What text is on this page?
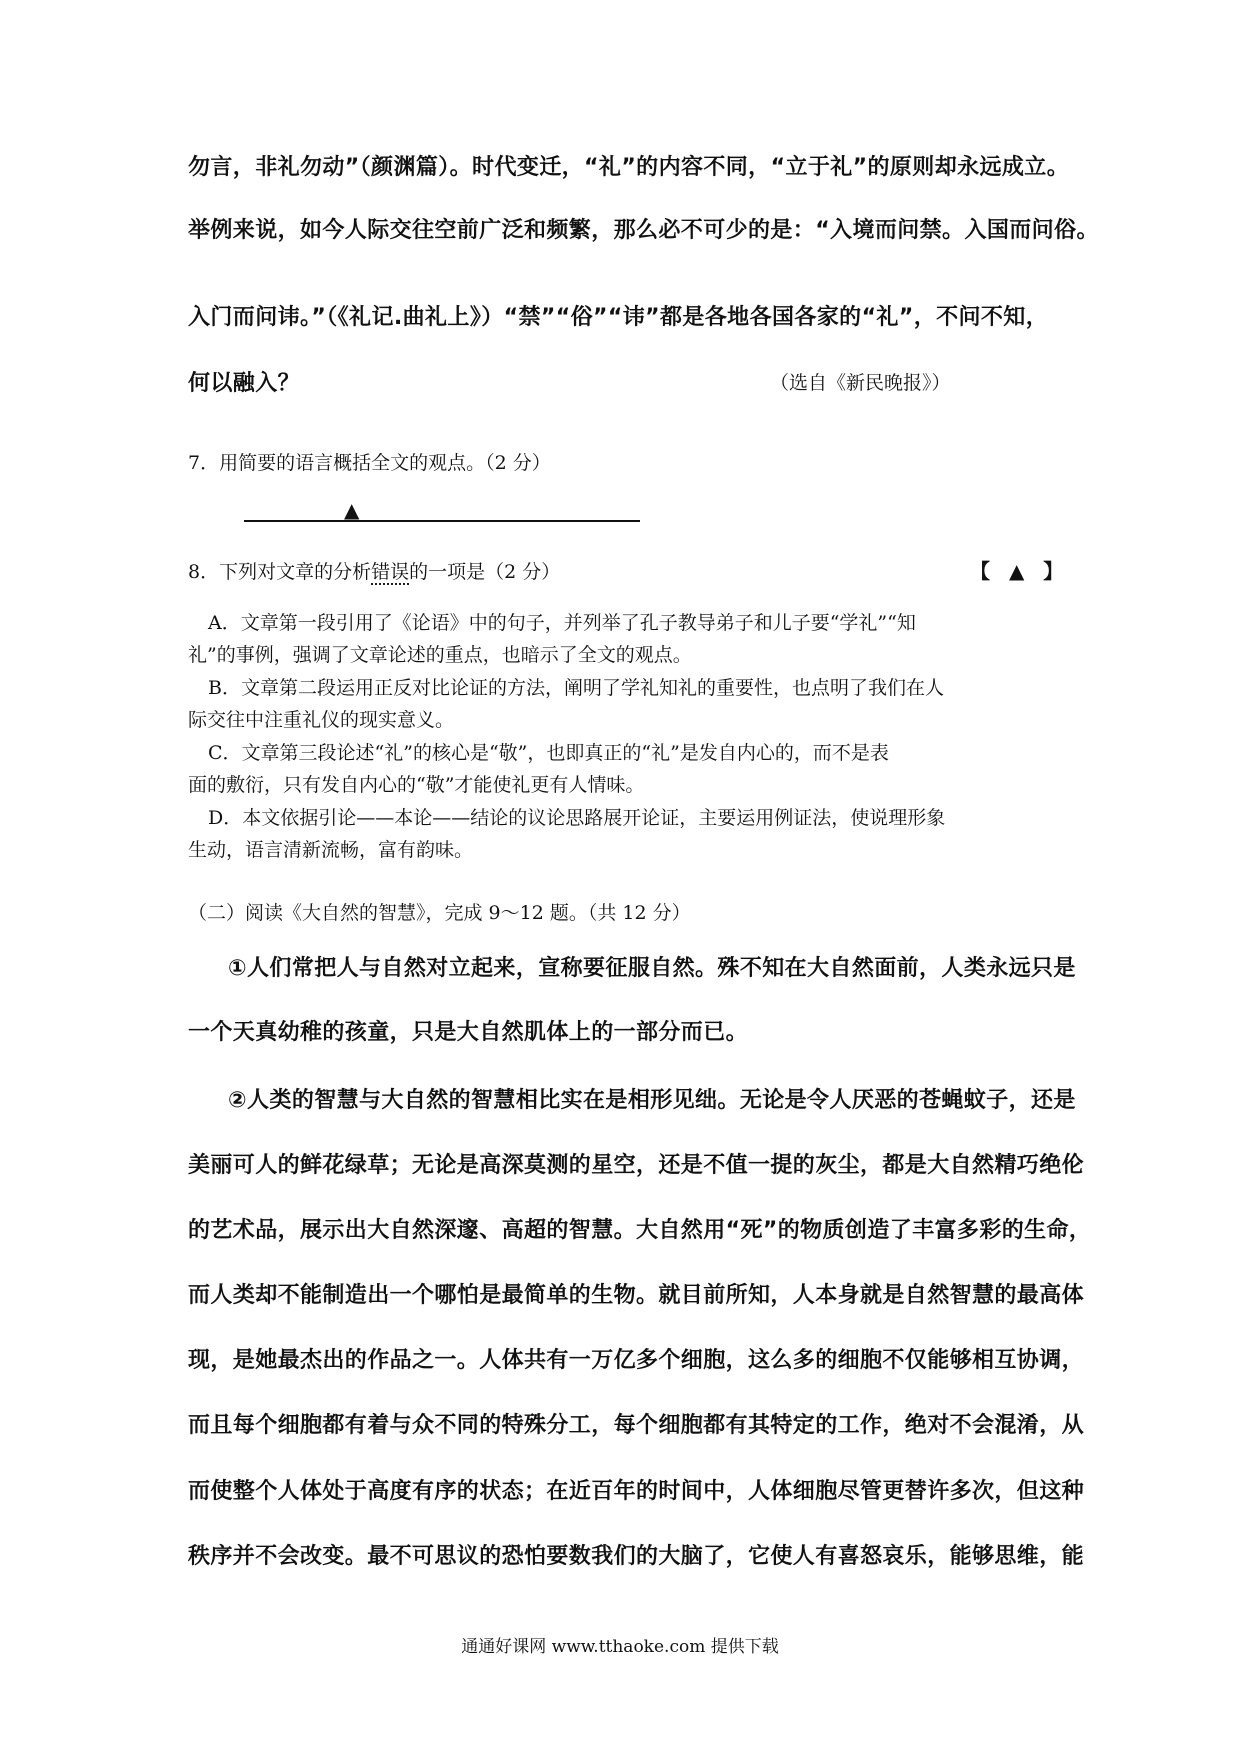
勿言，非礼勿动”（颜渊篇）。时代变迁，“礼”的内容不同，“立于礼”的原则却永远成立。
举例来说，如今人际交往空前广泛和频繁，那么必不可少的是：“入境而问禁。入国而问俗。
入门而问讳。”（《礼记.曲礼上》）“禁”“俗”“讳”都是各地各国各家的“礼”，不问不知，
何以融入？	（选自《新民晚报》）
7．用简要的语言概括全文的观点。（2 分）
▲
8．下列对文章的分析错误的一项是（2 分）	【 ▲ 】
A．文章第一段引用了《论语》中的句子，并列举了孔子教导弟子和儿子要“学礼”“知
礼”的事例，强调了文章论述的重点，也暗示了全文的观点。
B．文章第二段运用正反对比论证的方法，阐明了学礼知礼的重要性，也点明了我们在人
际交往中注重礼仪的现实意义。
C．文章第三段论述“礼”的核心是“敬”，也即真正的“礼”是发自内心的，而不是表
面的敷衍，只有发自内心的“敬”才能使礼更有人情味。
D．本文依据引论——本论——结论的议论思路展开论证，主要运用例证法，使说理形象
生动，语言清新流畅，富有韵味。
（二）阅读《大自然的智慧》，完成 9～12 题。（共 12 分）
①人们常把人与自然对立起来，宣称要征服自然。殊不知在大自然面前，人类永远只是
一个天真幼稚的孩童，只是大自然肌体上的一部分而已。
②人类的智慧与大自然的智慧相比实在是相形见绌。无论是令人厌恶的苍蝇蚊子，还是
美丽可人的鲜花绿草；无论是高深莫测的星空，还是不值一提的灰尘，都是大自然精巧绝伦
的艺术品，展示出大自然深邃、高超的智慧。大自然用“死”的物质创造了丰富多彩的生命，
而人类却不能制造出一个哪怕是最简单的生物。就目前所知，人本身就是自然智慧的最高体
现，是她最杰出的作品之一。人体共有一万亿多个细胞，这么多的细胞不仅能够相互协调，
而且每个细胞都有着与众不同的特殊分工，每个细胞都有其特定的工作，绝对不会混淆，从
而使整个人体处于高度有序的状态；在近百年的时间中，人体细胞尽管更替许多次，但这种
秩序并不会改变。最不可思议的恐怕要数我们的大脑了，它使人有喜怒哀乐，能够思维，能
通通好课网 www.tthaoke.com 提供下载
